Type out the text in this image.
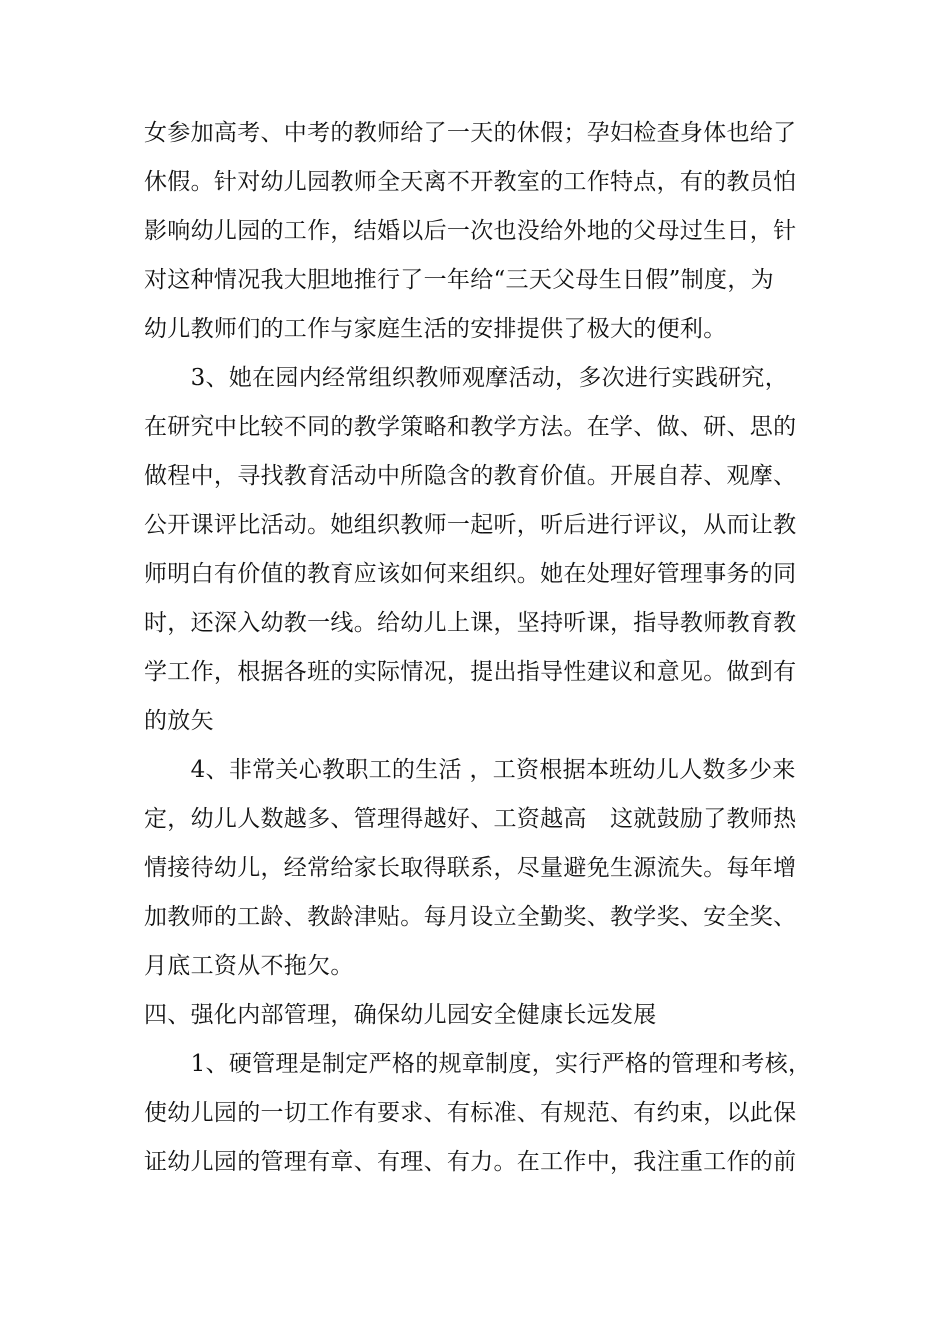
女参加高考、中考的教师给了一天的休假；孕妇检查身体也给了
休假。针对幼儿园教师全天离不开教室的工作特点，有的教员怕
影响幼儿园的工作，结婚以后一次也没给外地的父母过生日，针
对这种情况我大胆地推行了一年给“三天父母生日假”制度，为
幼儿教师们的工作与家庭生活的安排提供了极大的便利。
　　3、她在园内经常组织教师观摩活动，多次进行实践研究，
在研究中比较不同的教学策略和教学方法。在学、做、研、思的
做程中，寻找教育活动中所隐含的教育价值。开展自荐、观摩、
公开课评比活动。她组织教师一起听，听后进行评议，从而让教
师明白有价值的教育应该如何来组织。她在处理好管理事务的同
时，还深入幼教一线。给幼儿上课，坚持听课，指导教师教育教
学工作，根据各班的实际情况，提出指导性建议和意见。做到有
的放矢
　　4、非常关心教职工的生活 ，工资根据本班幼儿人数多少来
定，幼儿人数越多、管理得越好、工资越高　这就鼓励了教师热
情接待幼儿，经常给家长取得联系，尽量避免生源流失。每年增
加教师的工龄、教龄津贴。每月设立全勤奖、教学奖、安全奖、
月底工资从不拖欠。
四、强化内部管理，确保幼儿园安全健康长远发展
　　1、硬管理是制定严格的规章制度，实行严格的管理和考核，
使幼儿园的一切工作有要求、有标准、有规范、有约束，以此保
证幼儿园的管理有章、有理、有力。在工作中，我注重工作的前
